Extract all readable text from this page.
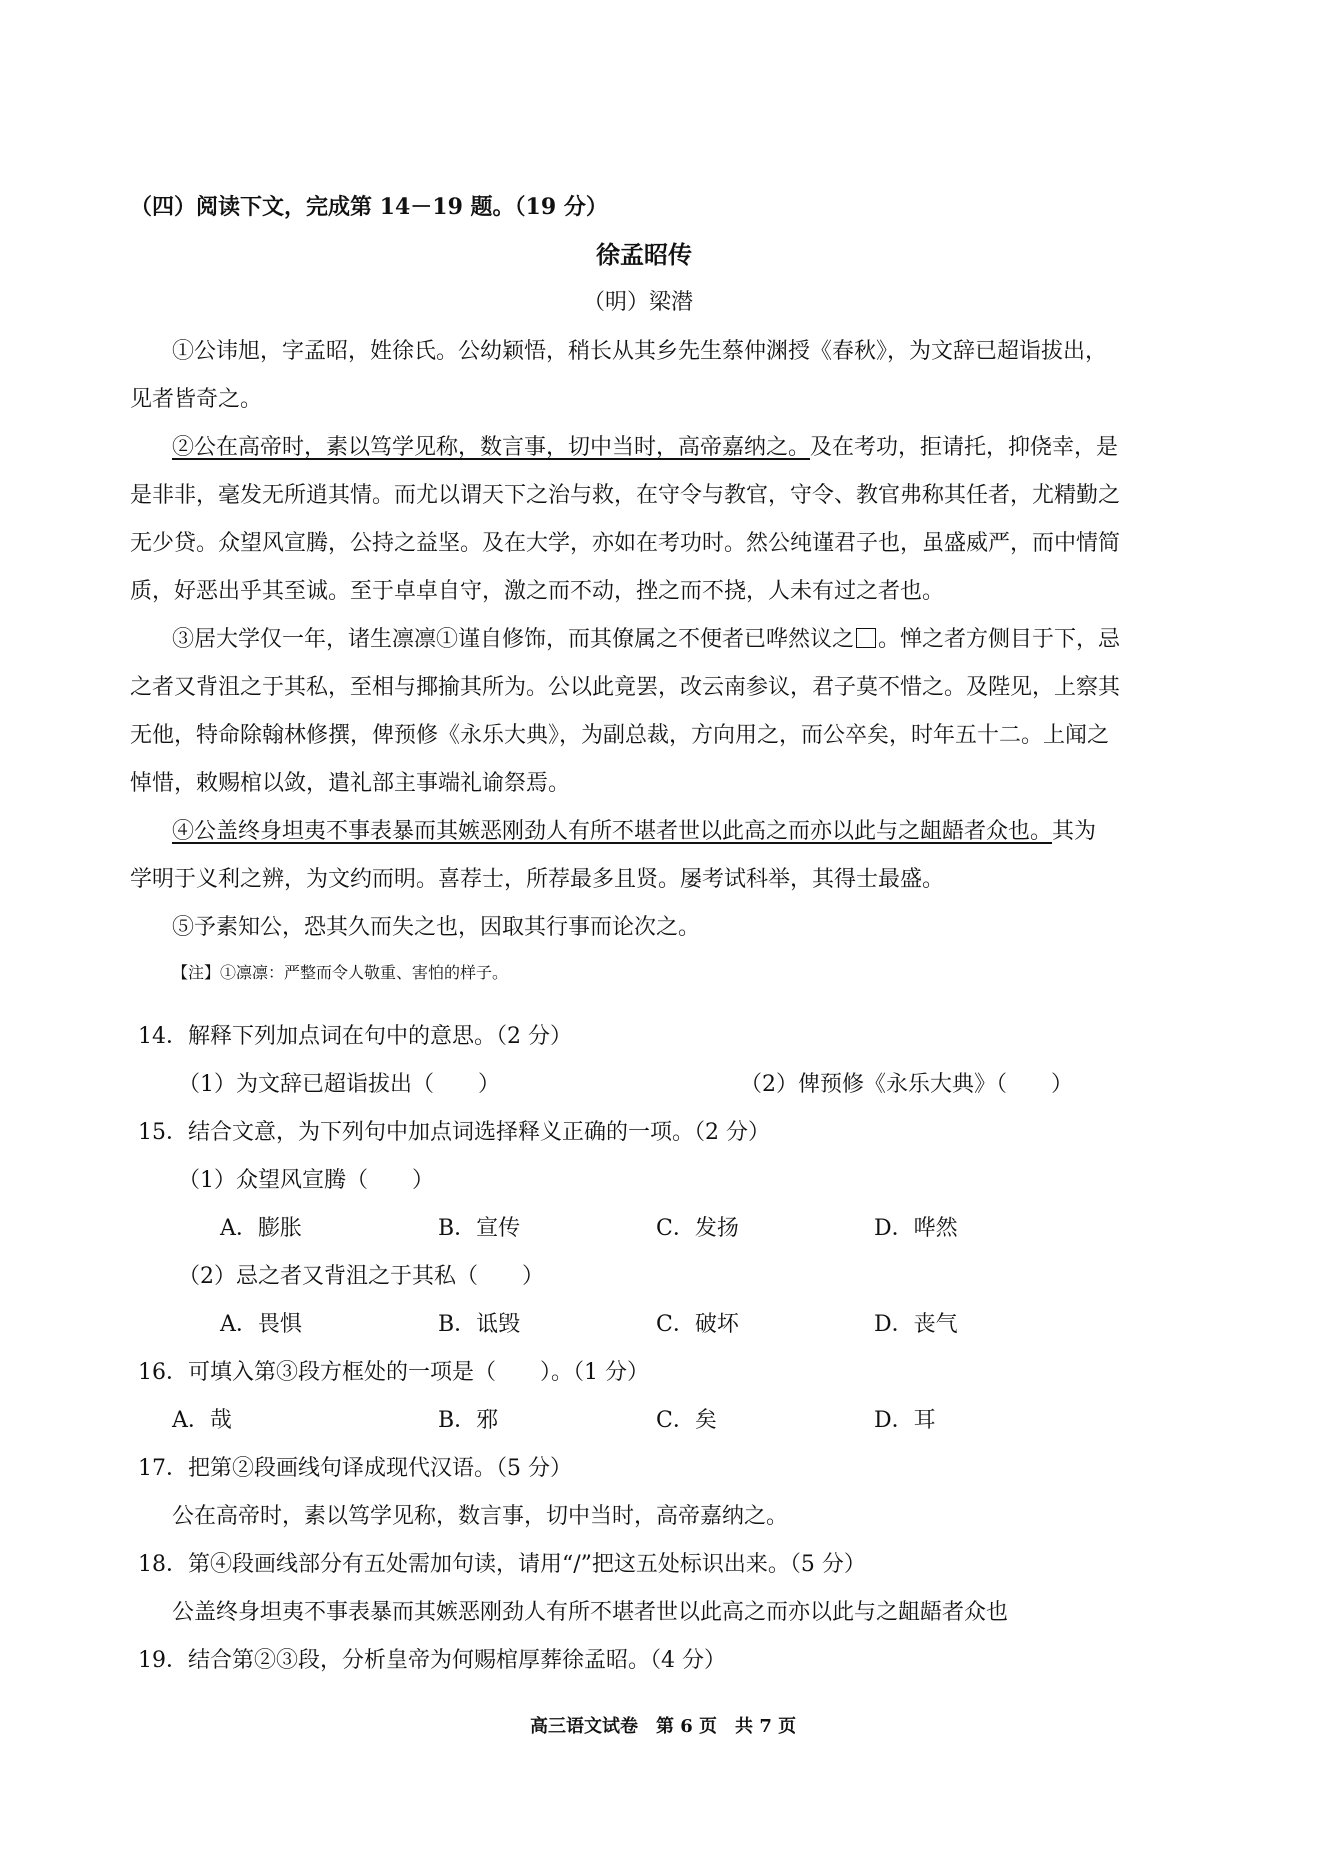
（四）阅读下文，完成第 14－19 题。（19 分）
徐孟昭传
（明）梁潜
①公讳旭，字孟昭，姓徐氏。公幼颖悟，稍长从其乡先生蔡仲渊授《春秋》，为文辞已超诣拔出，
见者皆奇之。
②公在高帝时，素以笃学见称，数言事，切中当时，高帝嘉纳之。及在考功，拒请托，抑侥幸，是
是非非，毫发无所逍其情。而尤以谓天下之治与救，在守令与教官，守令、教官弗称其任者，尤精勤之
无少贷。众望风宣腾，公持之益坚。及在大学，亦如在考功时。然公纯谨君子也，虽盛威严，而中情简
质，好恶出乎其至诚。至于卓卓自守，激之而不动，挫之而不挠，人未有过之者也。
③居大学仅一年，诸生凛凛①谨自修饰，而其僚属之不便者已哗然议之 。惮之者方侧目于下，忌
之者又背沮之于其私，至相与揶揄其所为。公以此竟罢，改云南参议，君子莫不惜之。及陛见，上察其
无他，特命除翰林修撰，俾预修《永乐大典》，为副总裁，方向用之，而公卒矣，时年五十二。上闻之
悼惜，敕赐棺以敛，遣礼部主事端礼谕祭焉。
④公盖终身坦夷不事表暴而其嫉恶刚劲人有所不堪者世以此高之而亦以此与之龃龉者众也。其为
学明于义利之辨，为文约而明。喜荐士，所荐最多且贤。屡考试科举，其得士最盛。
⑤予素知公，恐其久而失之也，因取其行事而论次之。
【注】①凛凛：严整而令人敬重、害怕的样子。
14．解释下列加点词在句中的意思。（2 分）
（1）为文辞已超诣拔出（　　）	（2）俾预修《永乐大典》（　　）
15．结合文意，为下列句中加点词选择释义正确的一项。（2 分）
（1）众望风宣腾（　　）
A．膨胀	B．宣传	C．发扬	D．哗然
（2）忌之者又背沮之于其私（　　）
A．畏惧	B．诋毁	C．破坏	D．丧气
16．可填入第③段方框处的一项是（　　）。（1 分）
A．哉	B．邪	C．矣	D．耳
17．把第②段画线句译成现代汉语。（5 分）
公在高帝时，素以笃学见称，数言事，切中当时，高帝嘉纳之。
18．第④段画线部分有五处需加句读，请用“/”把这五处标识出来。（5 分）
公盖终身坦夷不事表暴而其嫉恶刚劲人有所不堪者世以此高之而亦以此与之龃龉者众也
19．结合第②③段，分析皇帝为何赐棺厚葬徐孟昭。（4 分）
高三语文试卷　第 6 页　共 7 页
